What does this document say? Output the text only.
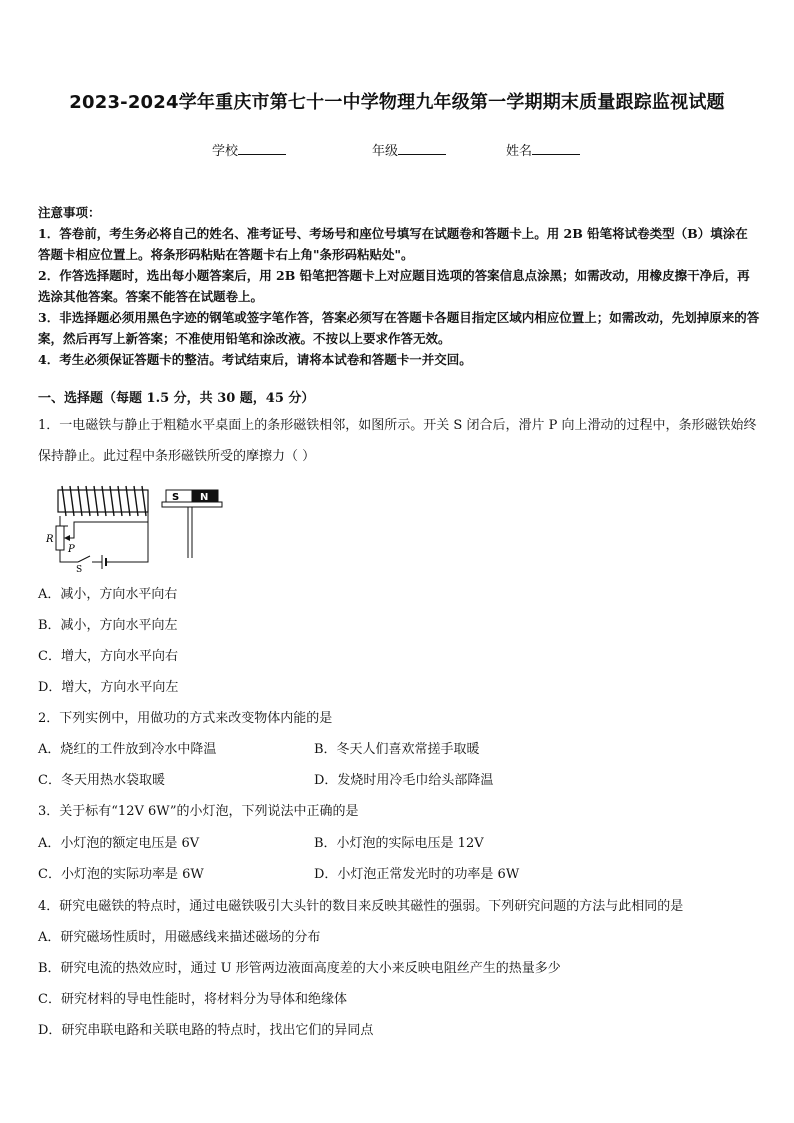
2023-2024学年重庆市第七十一中学物理九年级第一学期期末质量跟踪监视试题
学校	年级	姓名

注意事项：

1．答卷前，考生务必将自己的姓名、准考证号、考场号和座位号填写在试题卷和答题卡上。用 2B 铅笔将试卷类型（B）填涂在答题卡相应位置上。将条形码粘贴在答题卡右上角"条形码粘贴处"。

2．作答选择题时，选出每小题答案后，用 2B 铅笔把答题卡上对应题目选项的答案信息点涂黑；如需改动，用橡皮擦干净后，再选涂其他答案。答案不能答在试题卷上。

3．非选择题必须用黑色字迹的钢笔或签字笔作答，答案必须写在答题卡各题目指定区域内相应位置上；如需改动，先划掉原来的答案，然后再写上新答案；不准使用铅笔和涂改液。不按以上要求作答无效。

4．考生必须保证答题卡的整洁。考试结束后，请将本试卷和答题卡一并交回。

一、选择题（每题 1.5 分，共 30 题，45 分）
1．一电磁铁与静止于粗糙水平桌面上的条形磁铁相邻，如图所示。开关 S 闭合后，滑片 P 向上滑动的过程中，条形磁铁始终保持静止。此过程中条形磁铁所受的摩擦力（ ）
R
P
S
S N
A．减小，方向水平向右
B．减小，方向水平向左
C．增大，方向水平向右
D．增大，方向水平向左
2．下列实例中，用做功的方式来改变物体内能的是
A．烧红的工件放到冷水中降温	B．冬天人们喜欢常搓手取暖
C．冬天用热水袋取暖	D．发烧时用冷毛巾给头部降温
3．关于标有“12V 6W”的小灯泡，下列说法中正确的是
A．小灯泡的额定电压是 6V	B．小灯泡的实际电压是 12V
C．小灯泡的实际功率是 6W	D．小灯泡正常发光时的功率是 6W
4．研究电磁铁的特点时，通过电磁铁吸引大头针的数目来反映其磁性的强弱。下列研究问题的方法与此相同的是
A．研究磁场性质时，用磁感线来描述磁场的分布
B．研究电流的热效应时，通过 U 形管两边液面高度差的大小来反映电阻丝产生的热量多少
C．研究材料的导电性能时，将材料分为导体和绝缘体
D．研究串联电路和关联电路的特点时，找出它们的异同点
